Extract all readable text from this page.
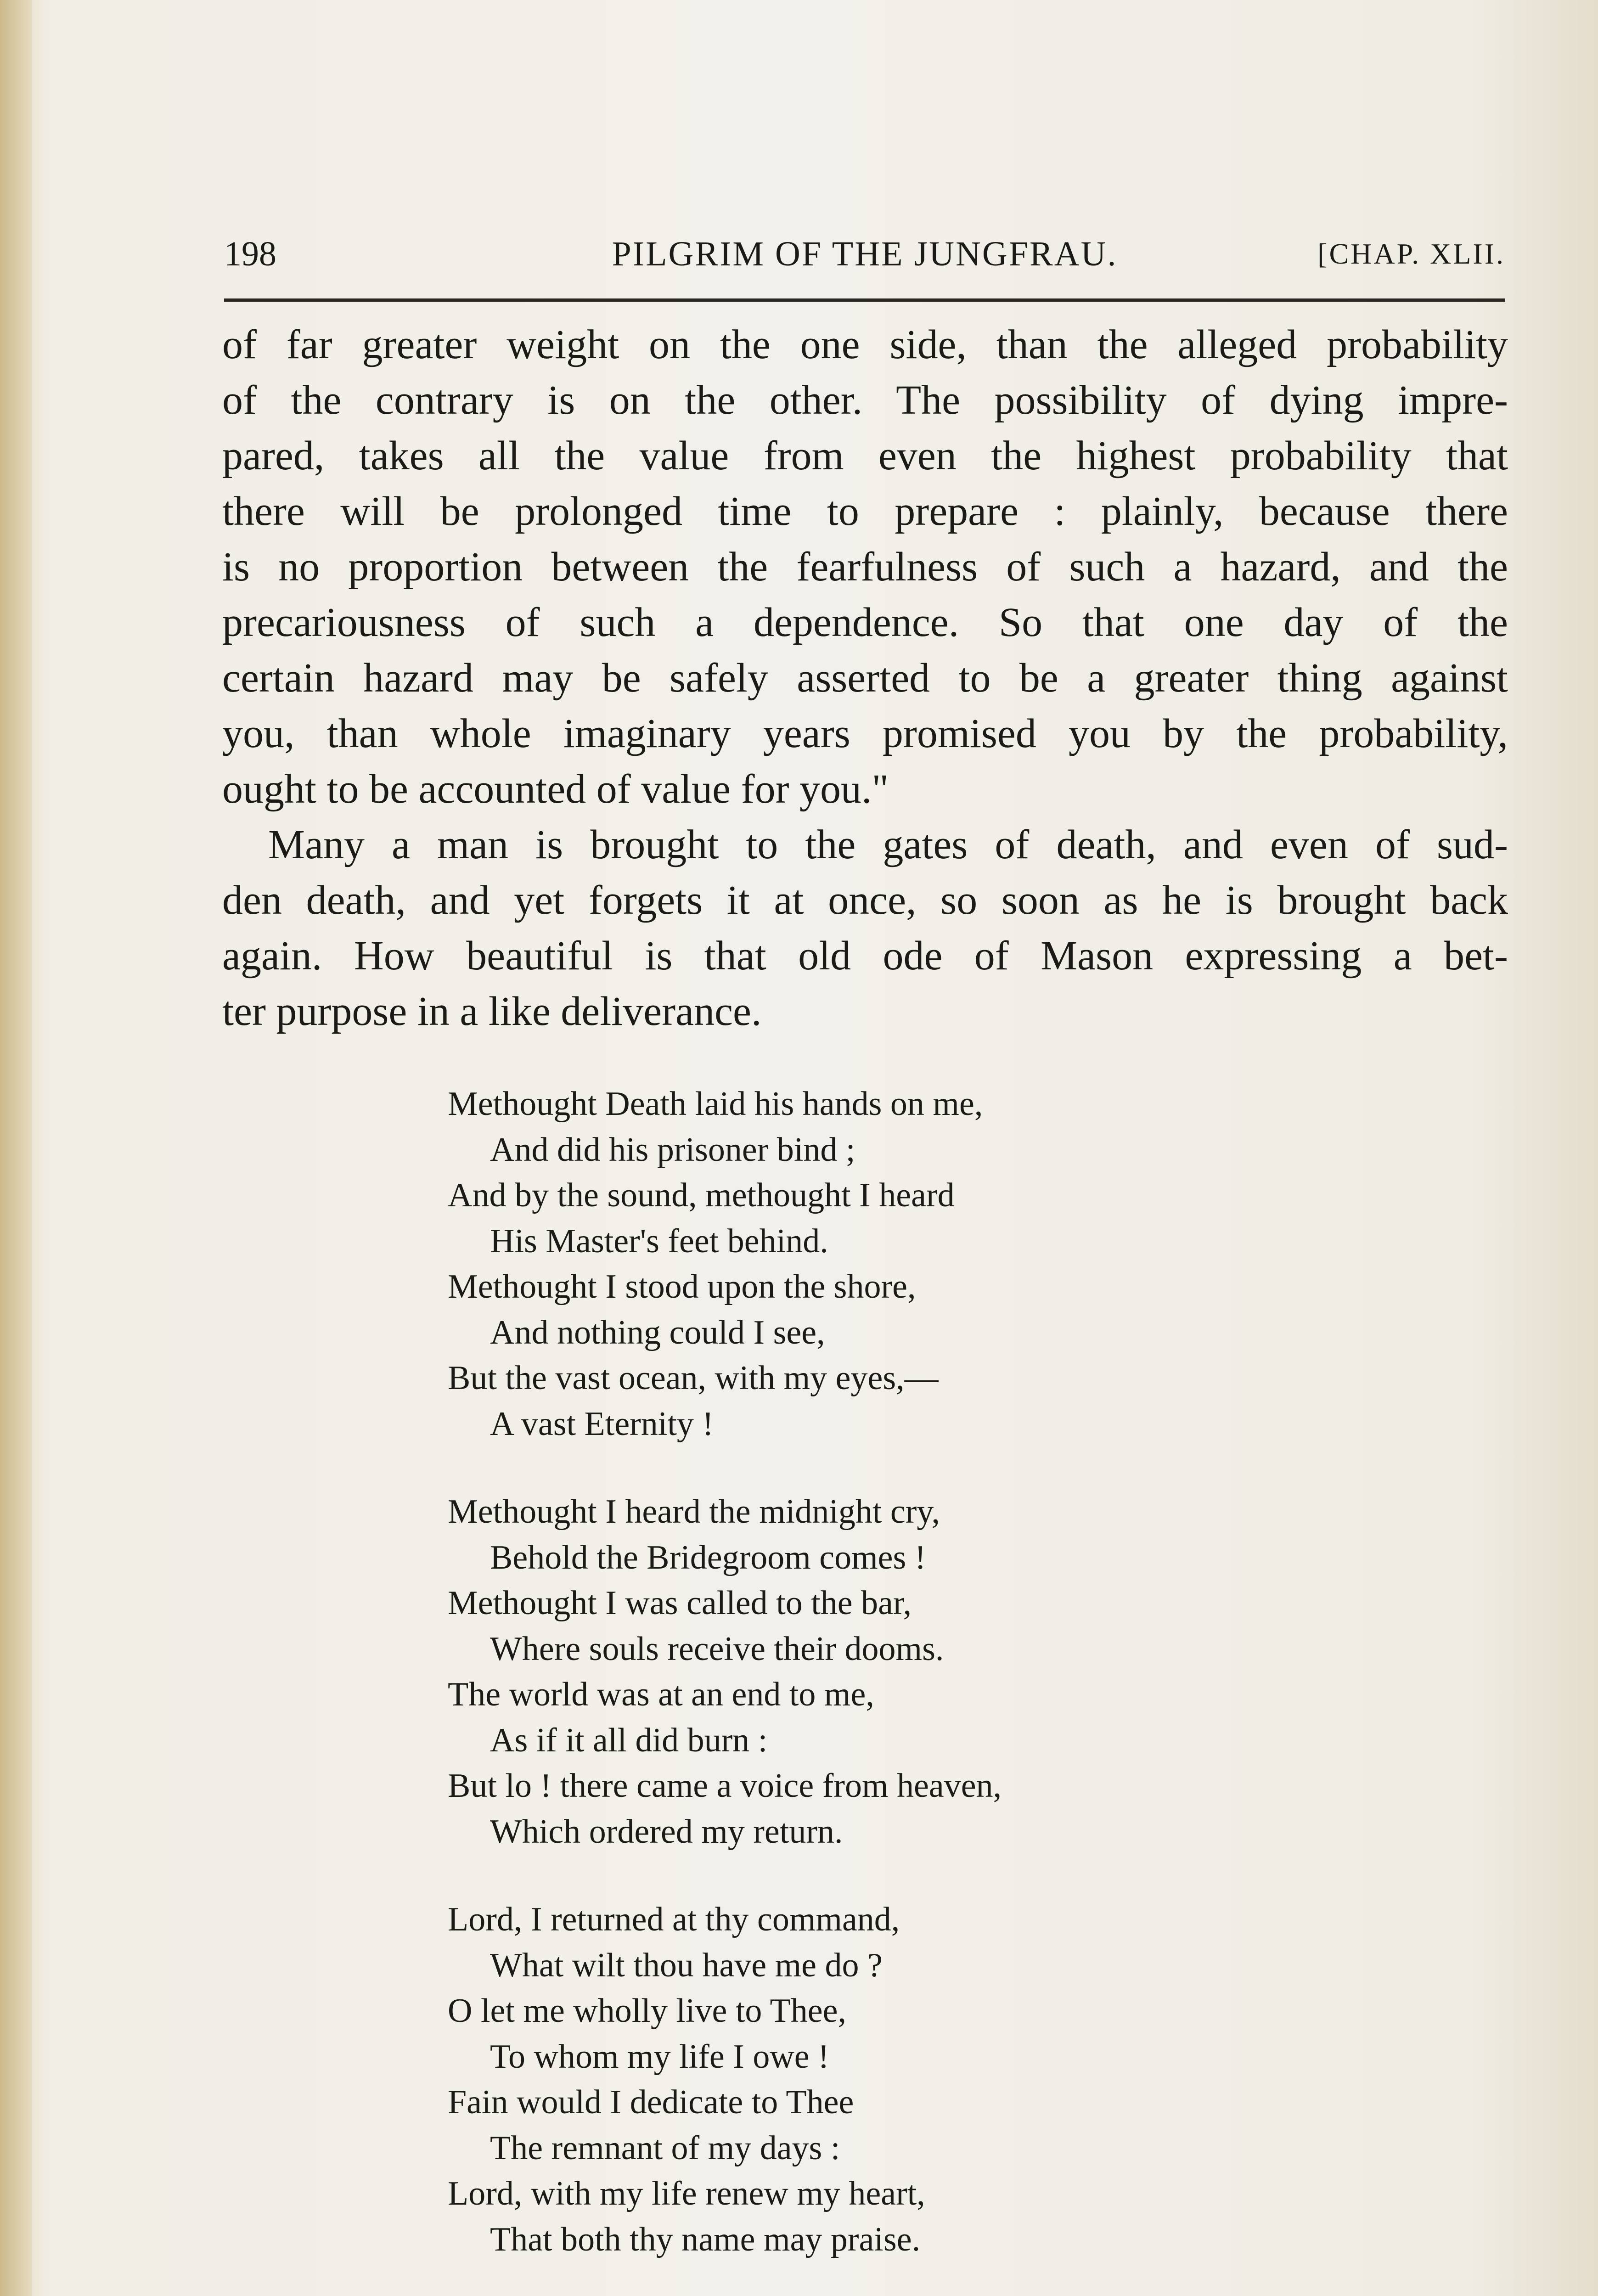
198	PILGRIM OF THE JUNGFRAU.	[CHAP. XLII.
of far greater weight on the one side, than the alleged probability
of the contrary is on the other. The possibility of dying impre-
pared, takes all the value from even the highest probability that
there will be prolonged time to prepare : plainly, because there
is no proportion between the fearfulness of such a hazard, and the
precariousness of such a dependence. So that one day of the
certain hazard may be safely asserted to be a greater thing against
you, than whole imaginary years promised you by the probability,
ought to be accounted of value for you."
Many a man is brought to the gates of death, and even of sud-
den death, and yet forgets it at once, so soon as he is brought back
again. How beautiful is that old ode of Mason expressing a bet-
ter purpose in a like deliverance.
Methought Death laid his hands on me,
And did his prisoner bind ;
And by the sound, methought I heard
His Master's feet behind.
Methought I stood upon the shore,
And nothing could I see,
But the vast ocean, with my eyes,—
A vast Eternity !
Methought I heard the midnight cry,
Behold the Bridegroom comes !
Methought I was called to the bar,
Where souls receive their dooms.
The world was at an end to me,
As if it all did burn :
But lo ! there came a voice from heaven,
Which ordered my return.
Lord, I returned at thy command,
What wilt thou have me do ?
O let me wholly live to Thee,
To whom my life I owe !
Fain would I dedicate to Thee
The remnant of my days :
Lord, with my life renew my heart,
That both thy name may praise.
